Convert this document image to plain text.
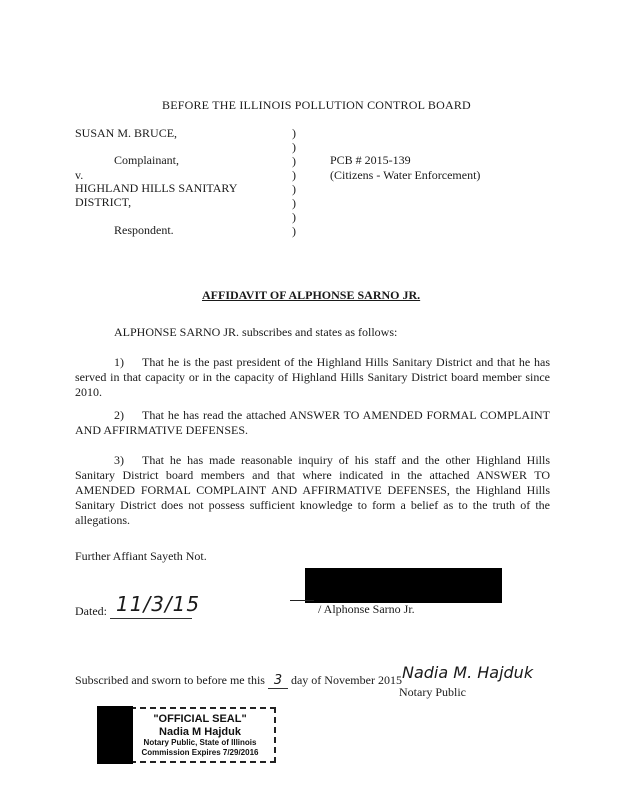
BEFORE THE ILLINOIS POLLUTION CONTROL BOARD
SUSAN M. BRUCE,
Complainant,
v.
HIGHLAND HILLS SANITARY
DISTRICT,
Respondent.
)
)
)
)
)
)
)
)
PCB # 2015-139
(Citizens - Water Enforcement)
AFFIDAVIT OF ALPHONSE SARNO JR.
ALPHONSE SARNO JR. subscribes and states as follows:
1) That he is the past president of the Highland Hills Sanitary District and that he has served in that capacity or in the capacity of Highland Hills Sanitary District board member since 2010.
2) That he has read the attached ANSWER TO AMENDED FORMAL COMPLAINT AND AFFIRMATIVE DEFENSES.
3) That he has made reasonable inquiry of his staff and the other Highland Hills Sanitary District board members and that where indicated in the attached ANSWER TO AMENDED FORMAL COMPLAINT AND AFFIRMATIVE DEFENSES, the Highland Hills Sanitary District does not possess sufficient knowledge to form a belief as to the truth of the allegations.
Further Affiant Sayeth Not.
/ Alphonse Sarno Jr.
Dated: 11/3/15
Subscribed and sworn to before me this 3 day of November 2015 Nadia M. Hajduk
Notary Public
"OFFICIAL SEAL"
Nadia M Hajduk
Notary Public, State of Illinois
Commission Expires 7/29/2016
